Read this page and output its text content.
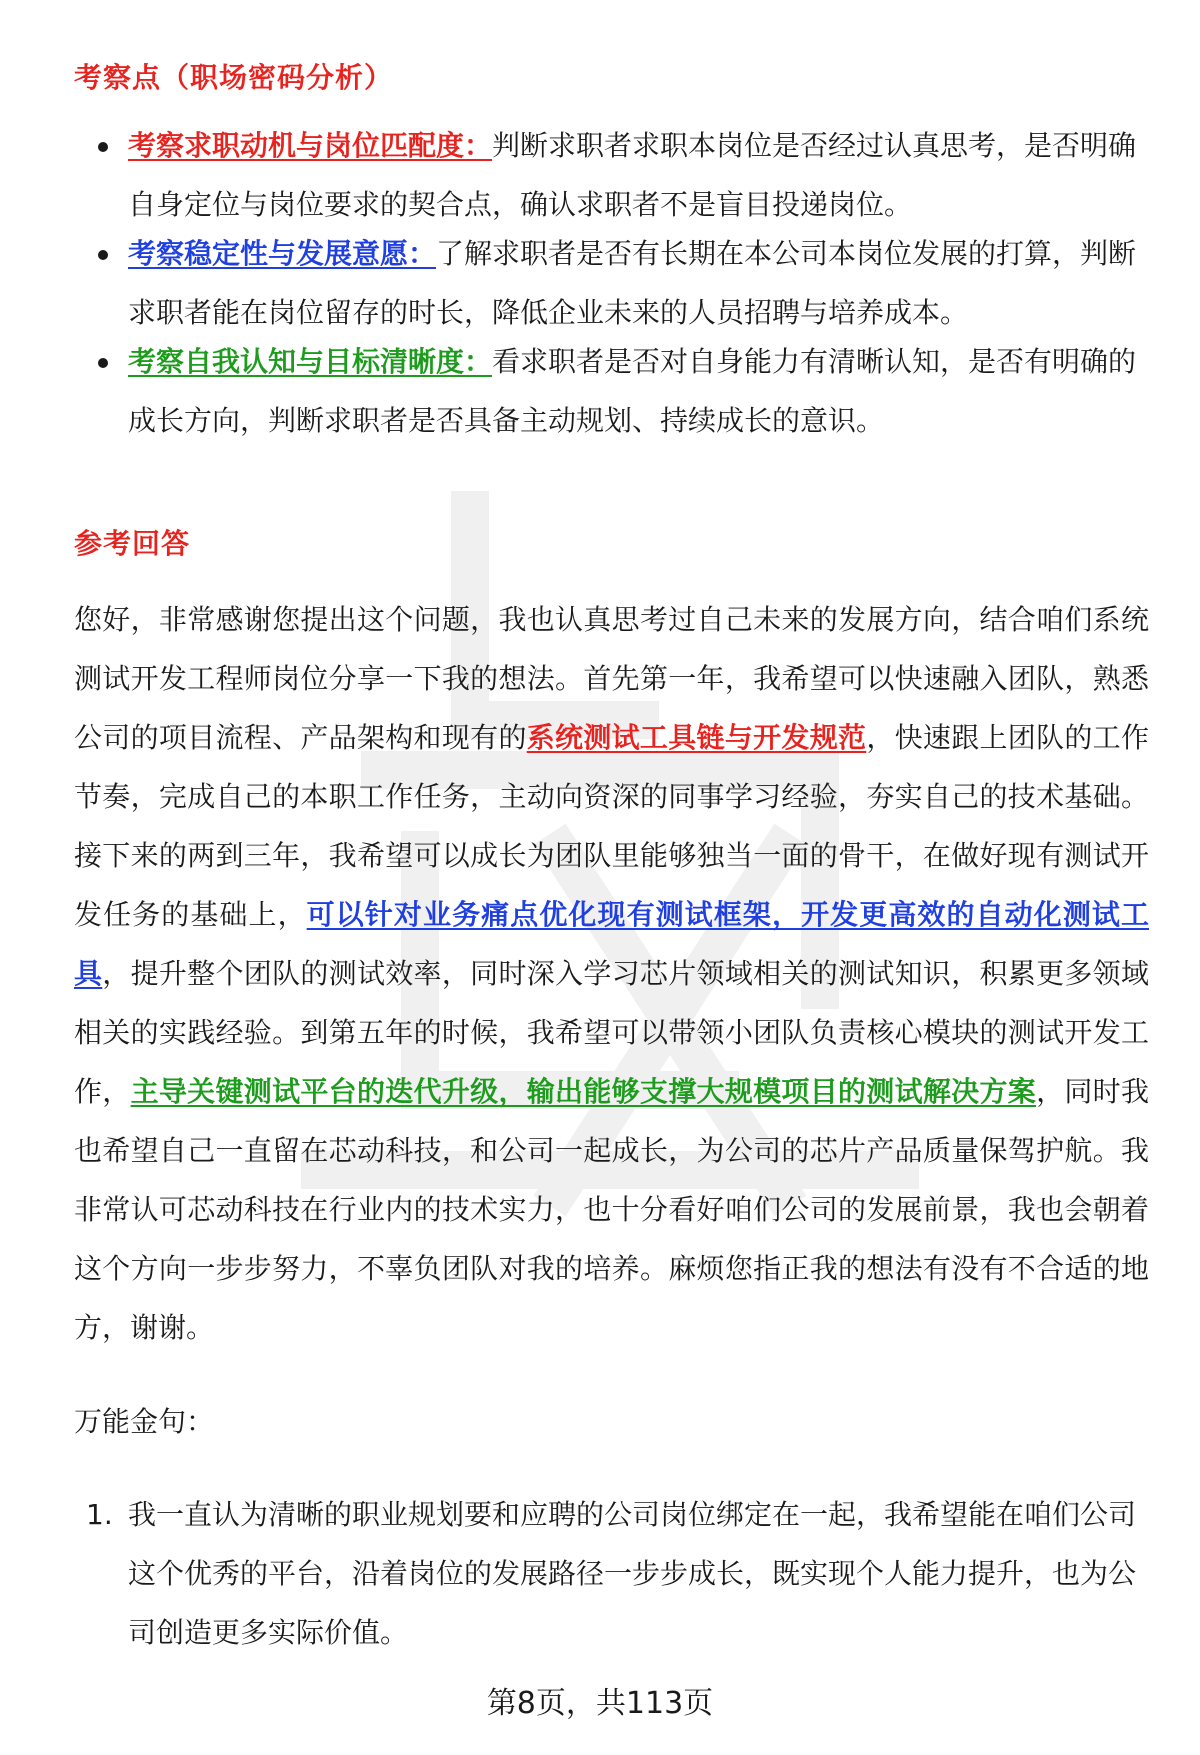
考察点（职场密码分析）
考察求职动机与岗位匹配度：判断求职者求职本岗位是否经过认真思考，是否明确自身定位与岗位要求的契合点，确认求职者不是盲目投递岗位。
考察稳定性与发展意愿：了解求职者是否有长期在本公司本岗位发展的打算，判断求职者能在岗位留存的时长，降低企业未来的人员招聘与培养成本。
考察自我认知与目标清晰度：看求职者是否对自身能力有清晰认知，是否有明确的成长方向，判断求职者是否具备主动规划、持续成长的意识。
参考回答
您好，非常感谢您提出这个问题，我也认真思考过自己未来的发展方向，结合咱们系统测试开发工程师岗位分享一下我的想法。首先第一年，我希望可以快速融入团队，熟悉公司的项目流程、产品架构和现有的系统测试工具链与开发规范，快速跟上团队的工作节奏，完成自己的本职工作任务，主动向资深的同事学习经验，夯实自己的技术基础。接下来的两到三年，我希望可以成长为团队里能够独当一面的骨干，在做好现有测试开发任务的基础上，可以针对业务痛点优化现有测试框架，开发更高效的自动化测试工具，提升整个团队的测试效率，同时深入学习芯片领域相关的测试知识，积累更多领域相关的实践经验。到第五年的时候，我希望可以带领小团队负责核心模块的测试开发工作，主导关键测试平台的迭代升级，输出能够支撑大规模项目的测试解决方案，同时我也希望自己一直留在芯动科技，和公司一起成长，为公司的芯片产品质量保驾护航。我非常认可芯动科技在行业内的技术实力，也十分看好咱们公司的发展前景，我也会朝着这个方向一步步努力，不辜负团队对我的培养。麻烦您指正我的想法有没有不合适的地方，谢谢。
万能金句：
1. 我一直认为清晰的职业规划要和应聘的公司岗位绑定在一起，我希望能在咱们公司这个优秀的平台，沿着岗位的发展路径一步步成长，既实现个人能力提升，也为公司创造更多实际价值。
第8页，共113页
